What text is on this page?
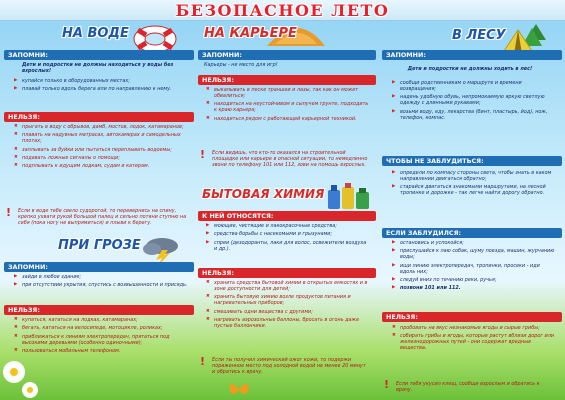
БЕЗОПАСНОЕ ЛЕТО
НА ВОДЕ
ЗАПОМНИ:
Дети и подростки не должны находиться у воды без взрослых!
▶ купайся только в оборудованных местах;
▶ плавай только вдоль берега или по направлению к нему.
НЕЛЬЗЯ:
✖ прыгать в воду с обрывов, дамб, мостов, лодок, катамаранов;
✖ плавать на надувных матрасах, автокамерах и самодельных плотах;
✖ заплывать за буйки или пытаться переплывать водоемы;
✖ подавать ложные сигналы о помощи;
✖ подплывать к идущим лодкам, судам и катерам.
! Если в воде тебе свело судорогой, то перевернись на спину, крепко ухвати рукой большой палец и сильно потяни ступню на себя (пока ногу не выпрямиться) и плыви к берегу.
ПРИ ГРОЗЕ
ЗАПОМНИ:
▶ зайди в любое здание;
▶ при отсутствии укрытия, спустись с возвышенности и присядь.
НЕЛЬЗЯ:
✖ купаться, кататься на лодках, катамаранах;
✖ бегать, кататься на велосипеде, мотоцикле, роликах;
✖ приближаться к линиям электропередач, прятаться под высокими деревьями (особенно одиночными);
✖ пользоваться мобильным телефоном.
НА КАРЬЕРЕ
ЗАПОМНИ:
Карьеры - не место для игр!
НЕЛЬЗЯ:
✖ выкапывать в песке траншеи и лазы, так как он может обвалиться;
✖ находиться на неустойчивом и сыпучем грунте, подходить к краю карьера;
✖ находиться рядом с работающей карьерной техникой.
! Если видишь, что кто-то оказался на строительной площадке или карьере в опасной ситуации, то немедленно звони по телефону 101 или 112, зови на помощь взрослых.
БЫТОВАЯ ХИМИЯ
К НЕЙ ОТНОСЯТСЯ:
▶ моющие, чистящие и лакокрасочные средства;
▶ средства борьбы с насекомыми и грызунами;
▶ спреи (дезодоранты, лаки для волос, освежители воздуха и др.).
НЕЛЬЗЯ:
✖ хранить средства бытовой химии в открытых емкостях и в зоне доступности для детей;
✖ хранить бытовую химию возле продуктов питания и нагревательных приборов;
✖ смешивать одни вещества с другими;
✖ нагревать аэрозольные баллоны, бросать в огонь даже пустые баллончики.
! Если ты получил химический ожог кожи, то подержи пораженное место под холодной водой не менее 20 минут и обратись к врачу.
В ЛЕСУ
ЗАПОМНИ:
Дети и подростки не должны ходить в лес!
▶ сообщи родственникам о маршруте и времени возвращения;
▶ надень удобную обувь, непромокаемую яркую светлую одежду с длинными рукавами;
▶ возьми воду, еду, лекарства (бинт, пластырь, йод), нож, телефон, компас.
ЧТОБЫ НЕ ЗАБЛУДИТЬСЯ:
▶ определи по компасу стороны света, чтобы знать в каком направлении двигаться обратно;
▶ старайся двигаться знакомыми маршрутами, на лесной тропинке и дорожке - так легче найти дорогу обратно.
ЕСЛИ ЗАБЛУДИЛСЯ:
▶ остановись и успокойся;
▶ прислушайся к лаю собак, шуму поезда, машин, журчанию воды;
▶ ищи линию электропередач, тропинки, просеки - иди вдоль них;
▶ следуй вниз по течению реки, ручья;
▶ позвони 101 или 112.
НЕЛЬЗЯ:
✖ пробовать на вкус незнакомые ягоды и сырые грибы;
✖ собирать грибы и ягоды, которые растут вблизи дорог или железнодорожных путей - они содержат вредные вещества.
! Если тебя укусил клещ, сообщи взрослым и обратись к врачу.
